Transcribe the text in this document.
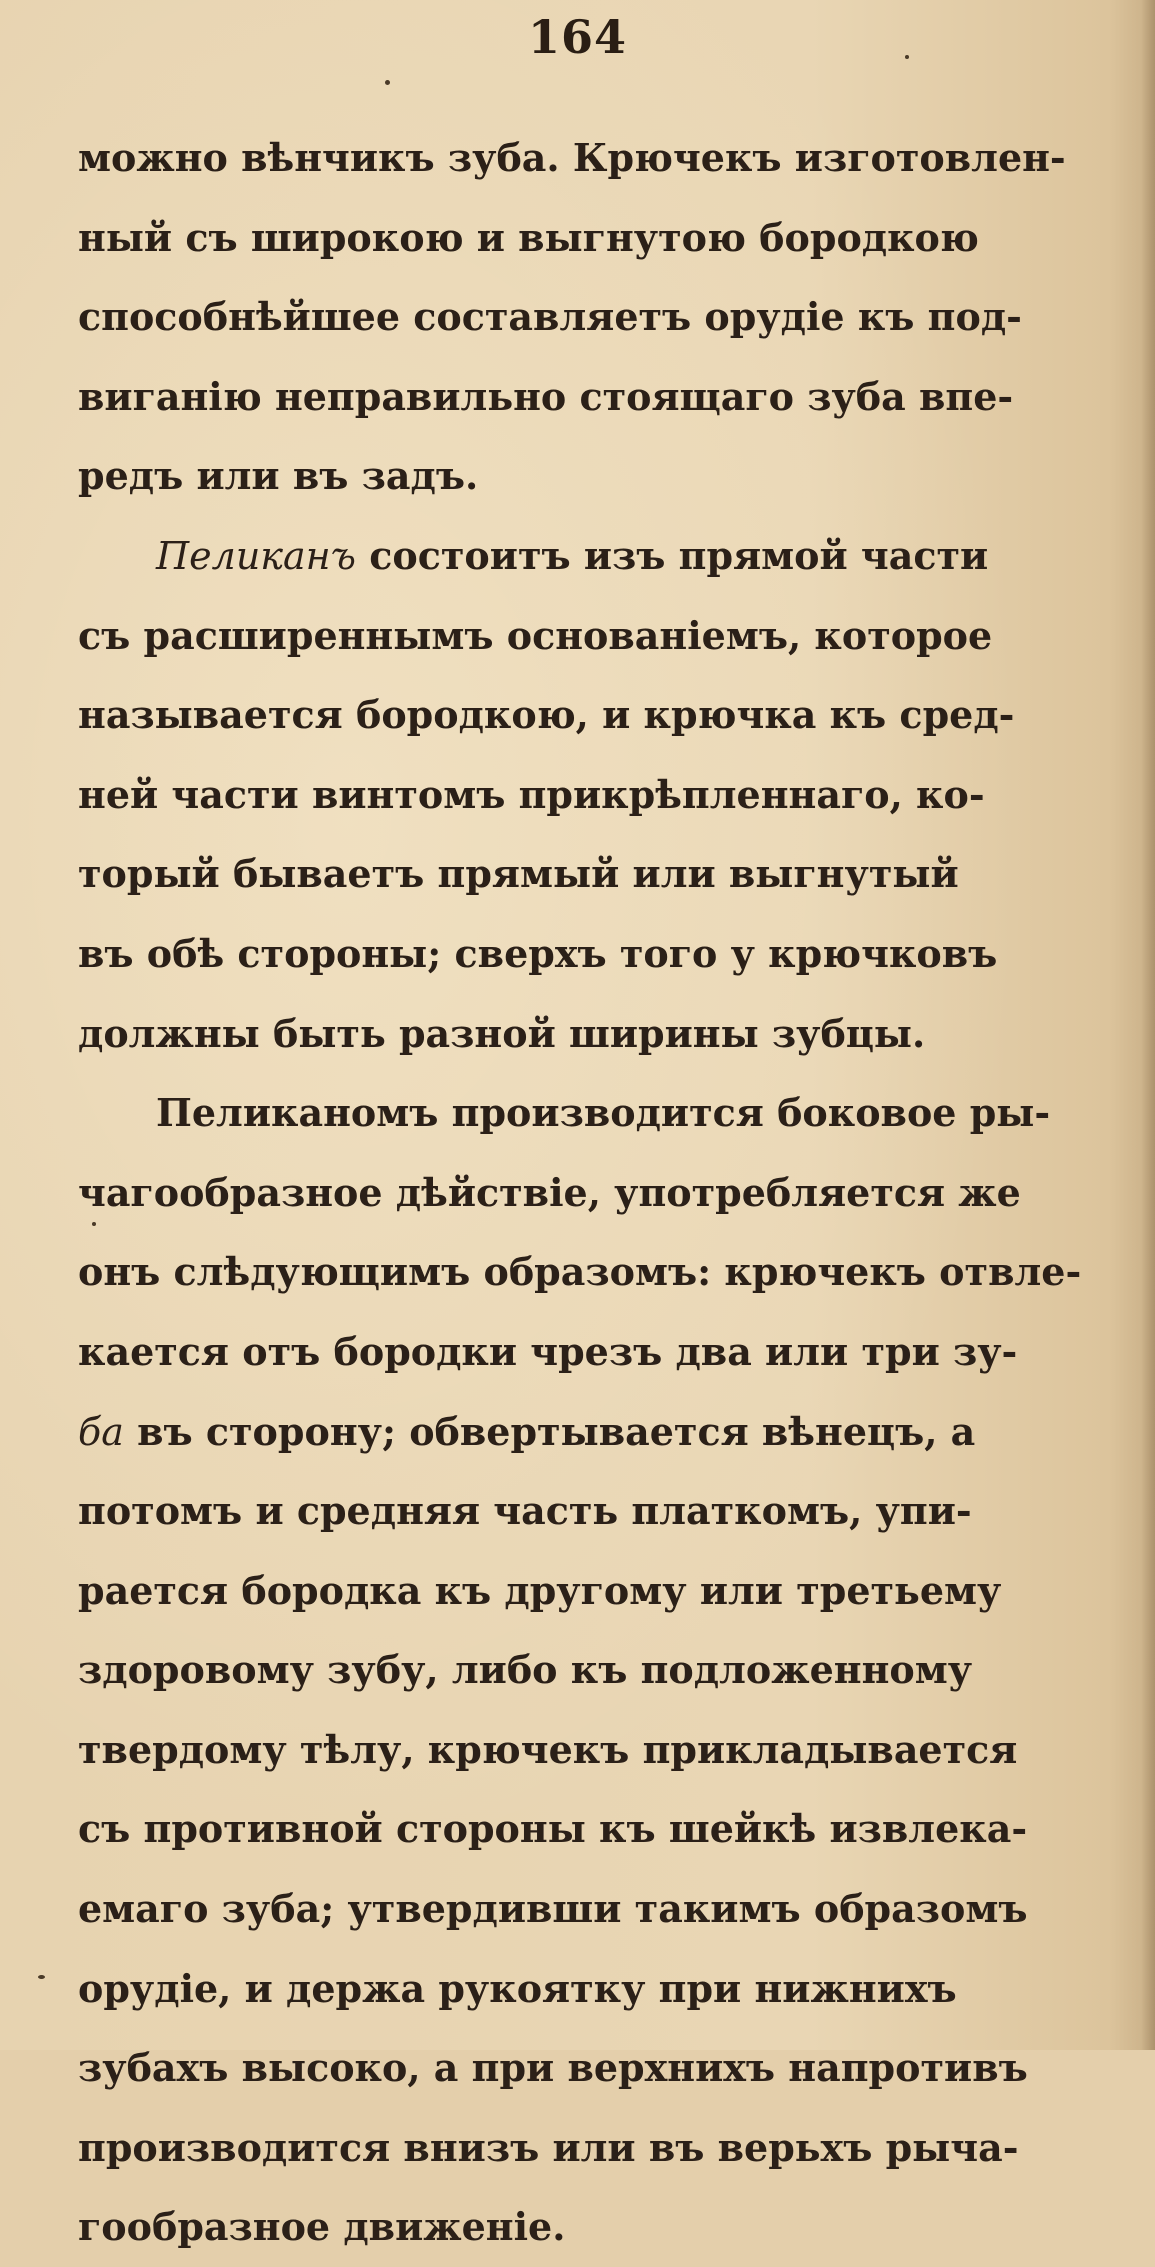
164
можно вѣнчикъ зуба. Крючекъ изготовлен-
ный съ широкою и выгнутою бородкою
способнѣйшее составляетъ орудіе къ под-
виганію неправильно стоящаго зуба впе-
редъ или въ задъ.
Пеликанъ состоитъ изъ прямой части
съ расширеннымъ основаніемъ, которое
называется бородкою, и крючка къ сред-
ней части винтомъ прикрѣпленнаго, ко-
торый бываетъ прямый или выгнутый
въ обѣ стороны; сверхъ того у крючковъ
должны быть разной ширины зубцы.
Пеликаномъ производится боковое ры-
чагообразное дѣйствіе, употребляется же
онъ слѣдующимъ образомъ: крючекъ отвле-
кается отъ бородки чрезъ два или три зу-
ба въ сторону; обвертывается вѣнецъ, а
потомъ и средняя часть платкомъ, упи-
рается бородка къ другому или третьему
здоровому зубу, либо къ подложенному
твердому тѣлу, крючекъ прикладывается
съ противной стороны къ шейкѣ извлека-
емаго зуба; утвердивши такимъ образомъ
орудіе, и держа рукоятку при нижнихъ
зубахъ высоко, а при верхнихъ напротивъ
производится внизъ или въ верьхъ рыча-
гообразное движеніе.
